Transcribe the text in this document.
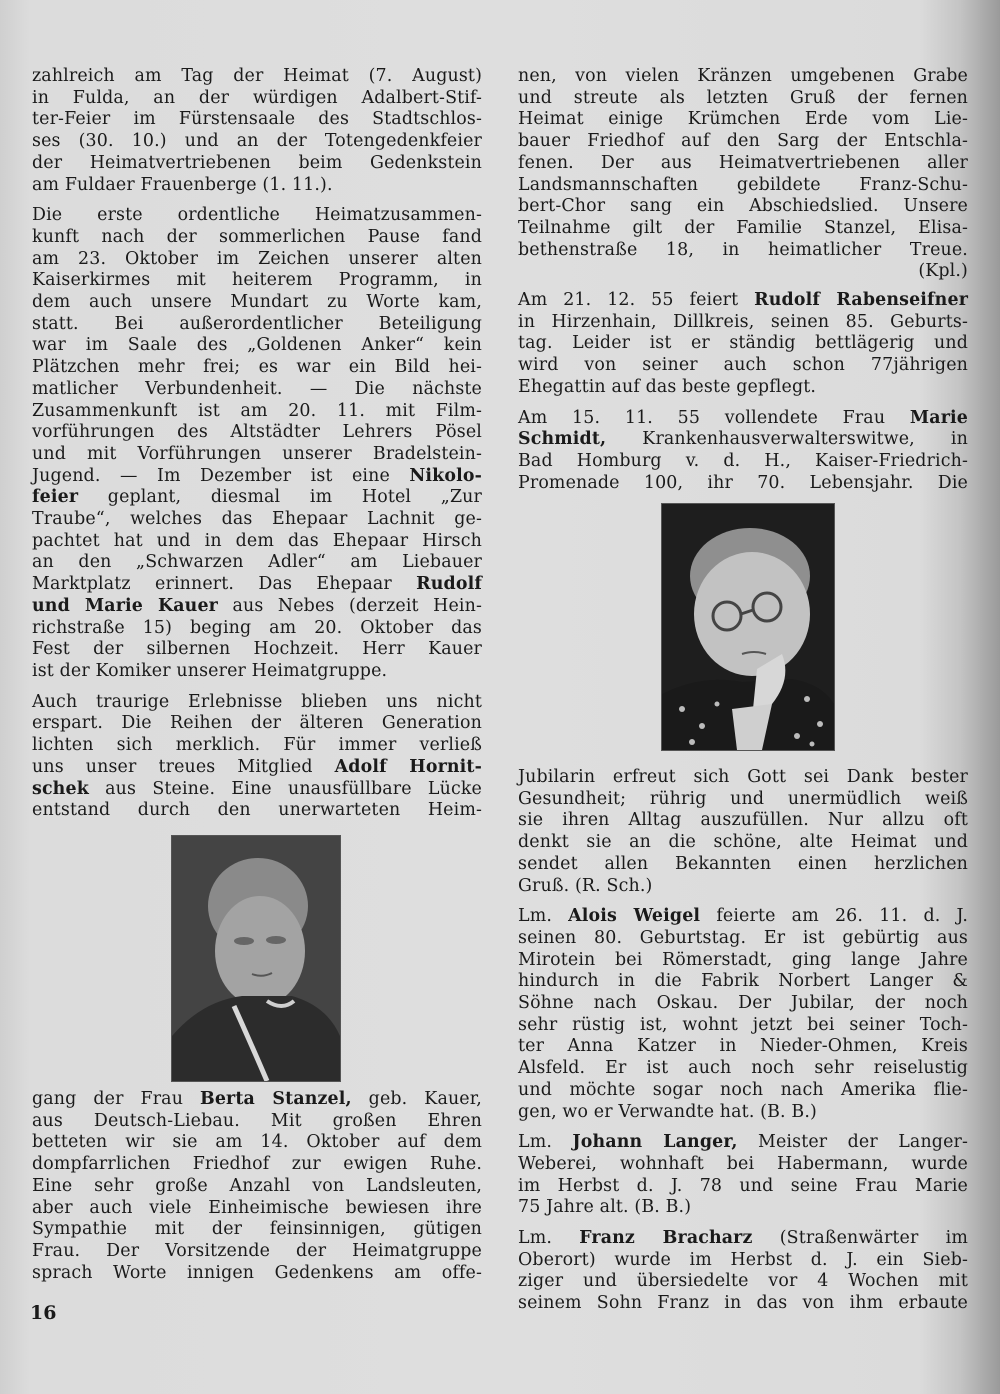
zahlreich am Tag der Heimat (7. August)
in Fulda, an der würdigen Adalbert-Stif-
ter-Feier im Fürstensaale des Stadtschlos-
ses (30. 10.) und an der Totengedenkfeier
der Heimatvertriebenen beim Gedenkstein
am Fuldaer Frauenberge (1. 11.).
Die erste ordentliche Heimatzusammen-
kunft nach der sommerlichen Pause fand
am 23. Oktober im Zeichen unserer alten
Kaiserkirmes mit heiterem Programm, in
dem auch unsere Mundart zu Worte kam,
statt. Bei außerordentlicher Beteiligung
war im Saale des „Goldenen Anker“ kein
Plätzchen mehr frei; es war ein Bild hei-
matlicher Verbundenheit. — Die nächste
Zusammenkunft ist am 20. 11. mit Film-
vorführungen des Altstädter Lehrers Pösel
und mit Vorführungen unserer Bradelstein-
Jugend. — Im Dezember ist eine Nikolo-
feier geplant, diesmal im Hotel „Zur
Traube“, welches das Ehepaar Lachnit ge-
pachtet hat und in dem das Ehepaar Hirsch
an den „Schwarzen Adler“ am Liebauer
Marktplatz erinnert. Das Ehepaar Rudolf
und Marie Kauer aus Nebes (derzeit Hein-
richstraße 15) beging am 20. Oktober das
Fest der silbernen Hochzeit. Herr Kauer
ist der Komiker unserer Heimatgruppe.
Auch traurige Erlebnisse blieben uns nicht
erspart. Die Reihen der älteren Generation
lichten sich merklich. Für immer verließ
uns unser treues Mitglied Adolf Hornit-
schek aus Steine. Eine unausfüllbare Lücke
entstand durch den unerwarteten Heim-
gang der Frau Berta Stanzel, geb. Kauer,
aus Deutsch-Liebau. Mit großen Ehren
betteten wir sie am 14. Oktober auf dem
dompfarrlichen Friedhof zur ewigen Ruhe.
Eine sehr große Anzahl von Landsleuten,
aber auch viele Einheimische bewiesen ihre
Sympathie mit der feinsinnigen, gütigen
Frau. Der Vorsitzende der Heimatgruppe
sprach Worte innigen Gedenkens am offe-
16
nen, von vielen Kränzen umgebenen Grabe
und streute als letzten Gruß der fernen
Heimat einige Krümchen Erde vom Lie-
bauer Friedhof auf den Sarg der Entschla-
fenen. Der aus Heimatvertriebenen aller
Landsmannschaften gebildete Franz-Schu-
bert-Chor sang ein Abschiedslied. Unsere
Teilnahme gilt der Familie Stanzel, Elisa-
bethenstraße 18, in heimatlicher Treue.
(Kpl.)
Am 21. 12. 55 feiert Rudolf Rabenseifner
in Hirzenhain, Dillkreis, seinen 85. Geburts-
tag. Leider ist er ständig bettlägerig und
wird von seiner auch schon 77jährigen
Ehegattin auf das beste gepflegt.
Am 15. 11. 55 vollendete Frau Marie
Schmidt, Krankenhausverwalterswitwe, in
Bad Homburg v. d. H., Kaiser-Friedrich-
Promenade 100, ihr 70. Lebensjahr. Die
Jubilarin erfreut sich Gott sei Dank bester
Gesundheit; rührig und unermüdlich weiß
sie ihren Alltag auszufüllen. Nur allzu oft
denkt sie an die schöne, alte Heimat und
sendet allen Bekannten einen herzlichen
Gruß. (R. Sch.)
Lm. Alois Weigel feierte am 26. 11. d. J.
seinen 80. Geburtstag. Er ist gebürtig aus
Mirotein bei Römerstadt, ging lange Jahre
hindurch in die Fabrik Norbert Langer &
Söhne nach Oskau. Der Jubilar, der noch
sehr rüstig ist, wohnt jetzt bei seiner Toch-
ter Anna Katzer in Nieder-Ohmen, Kreis
Alsfeld. Er ist auch noch sehr reiselustig
und möchte sogar noch nach Amerika flie-
gen, wo er Verwandte hat. (B. B.)
Lm. Johann Langer, Meister der Langer-
Weberei, wohnhaft bei Habermann, wurde
im Herbst d. J. 78 und seine Frau Marie
75 Jahre alt. (B. B.)
Lm. Franz Bracharz (Straßenwärter im
Oberort) wurde im Herbst d. J. ein Sieb-
ziger und übersiedelte vor 4 Wochen mit
seinem Sohn Franz in das von ihm erbaute
